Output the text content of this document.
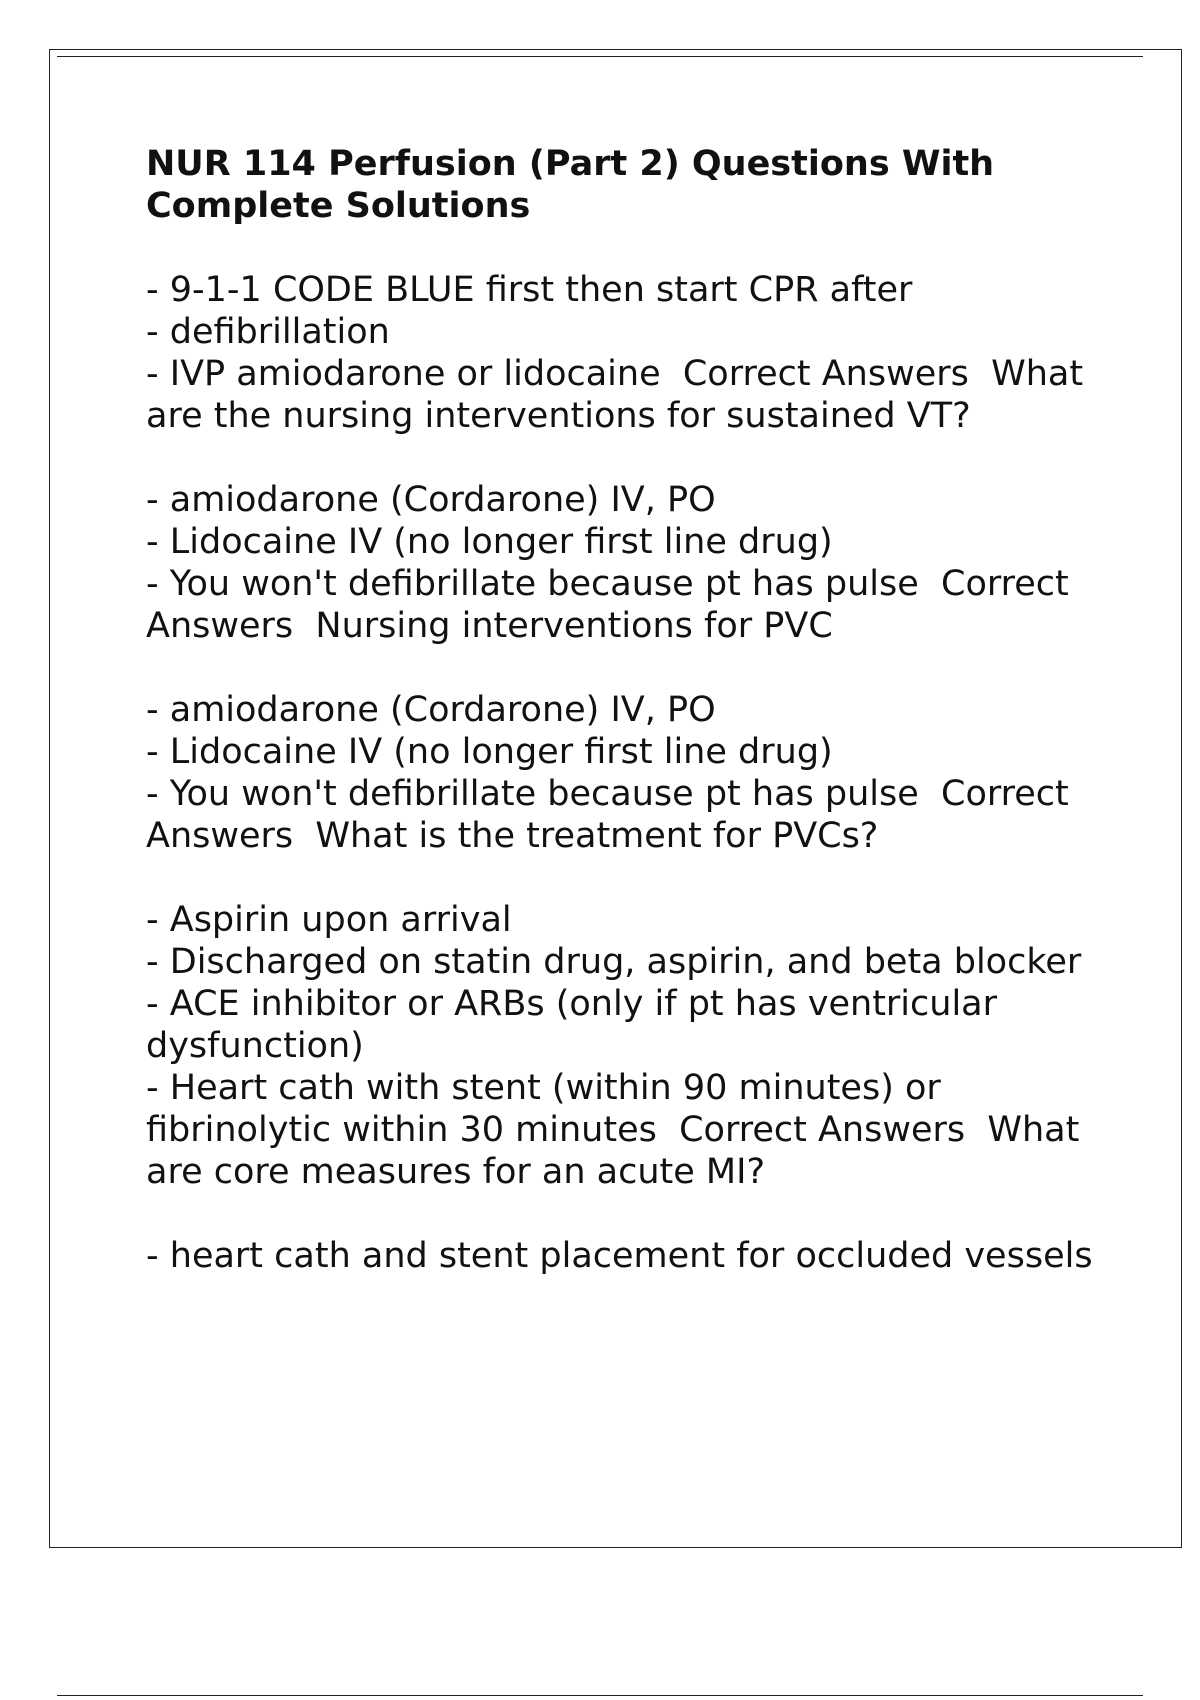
NUR 114 Perfusion (Part 2) Questions With Complete Solutions
- 9-1-1 CODE BLUE first then start CPR after
- defibrillation
- IVP amiodarone or lidocaine  Correct Answers  What are the nursing interventions for sustained VT?
- amiodarone (Cordarone) IV, PO
- Lidocaine IV (no longer first line drug)
- You won't defibrillate because pt has pulse  Correct Answers  Nursing interventions for PVC
- amiodarone (Cordarone) IV, PO
- Lidocaine IV (no longer first line drug)
- You won't defibrillate because pt has pulse  Correct Answers  What is the treatment for PVCs?
- Aspirin upon arrival
- Discharged on statin drug, aspirin, and beta blocker
- ACE inhibitor or ARBs (only if pt has ventricular dysfunction)
- Heart cath with stent (within 90 minutes) or fibrinolytic within 30 minutes  Correct Answers  What are core measures for an acute MI?
- heart cath and stent placement for occluded vessels
